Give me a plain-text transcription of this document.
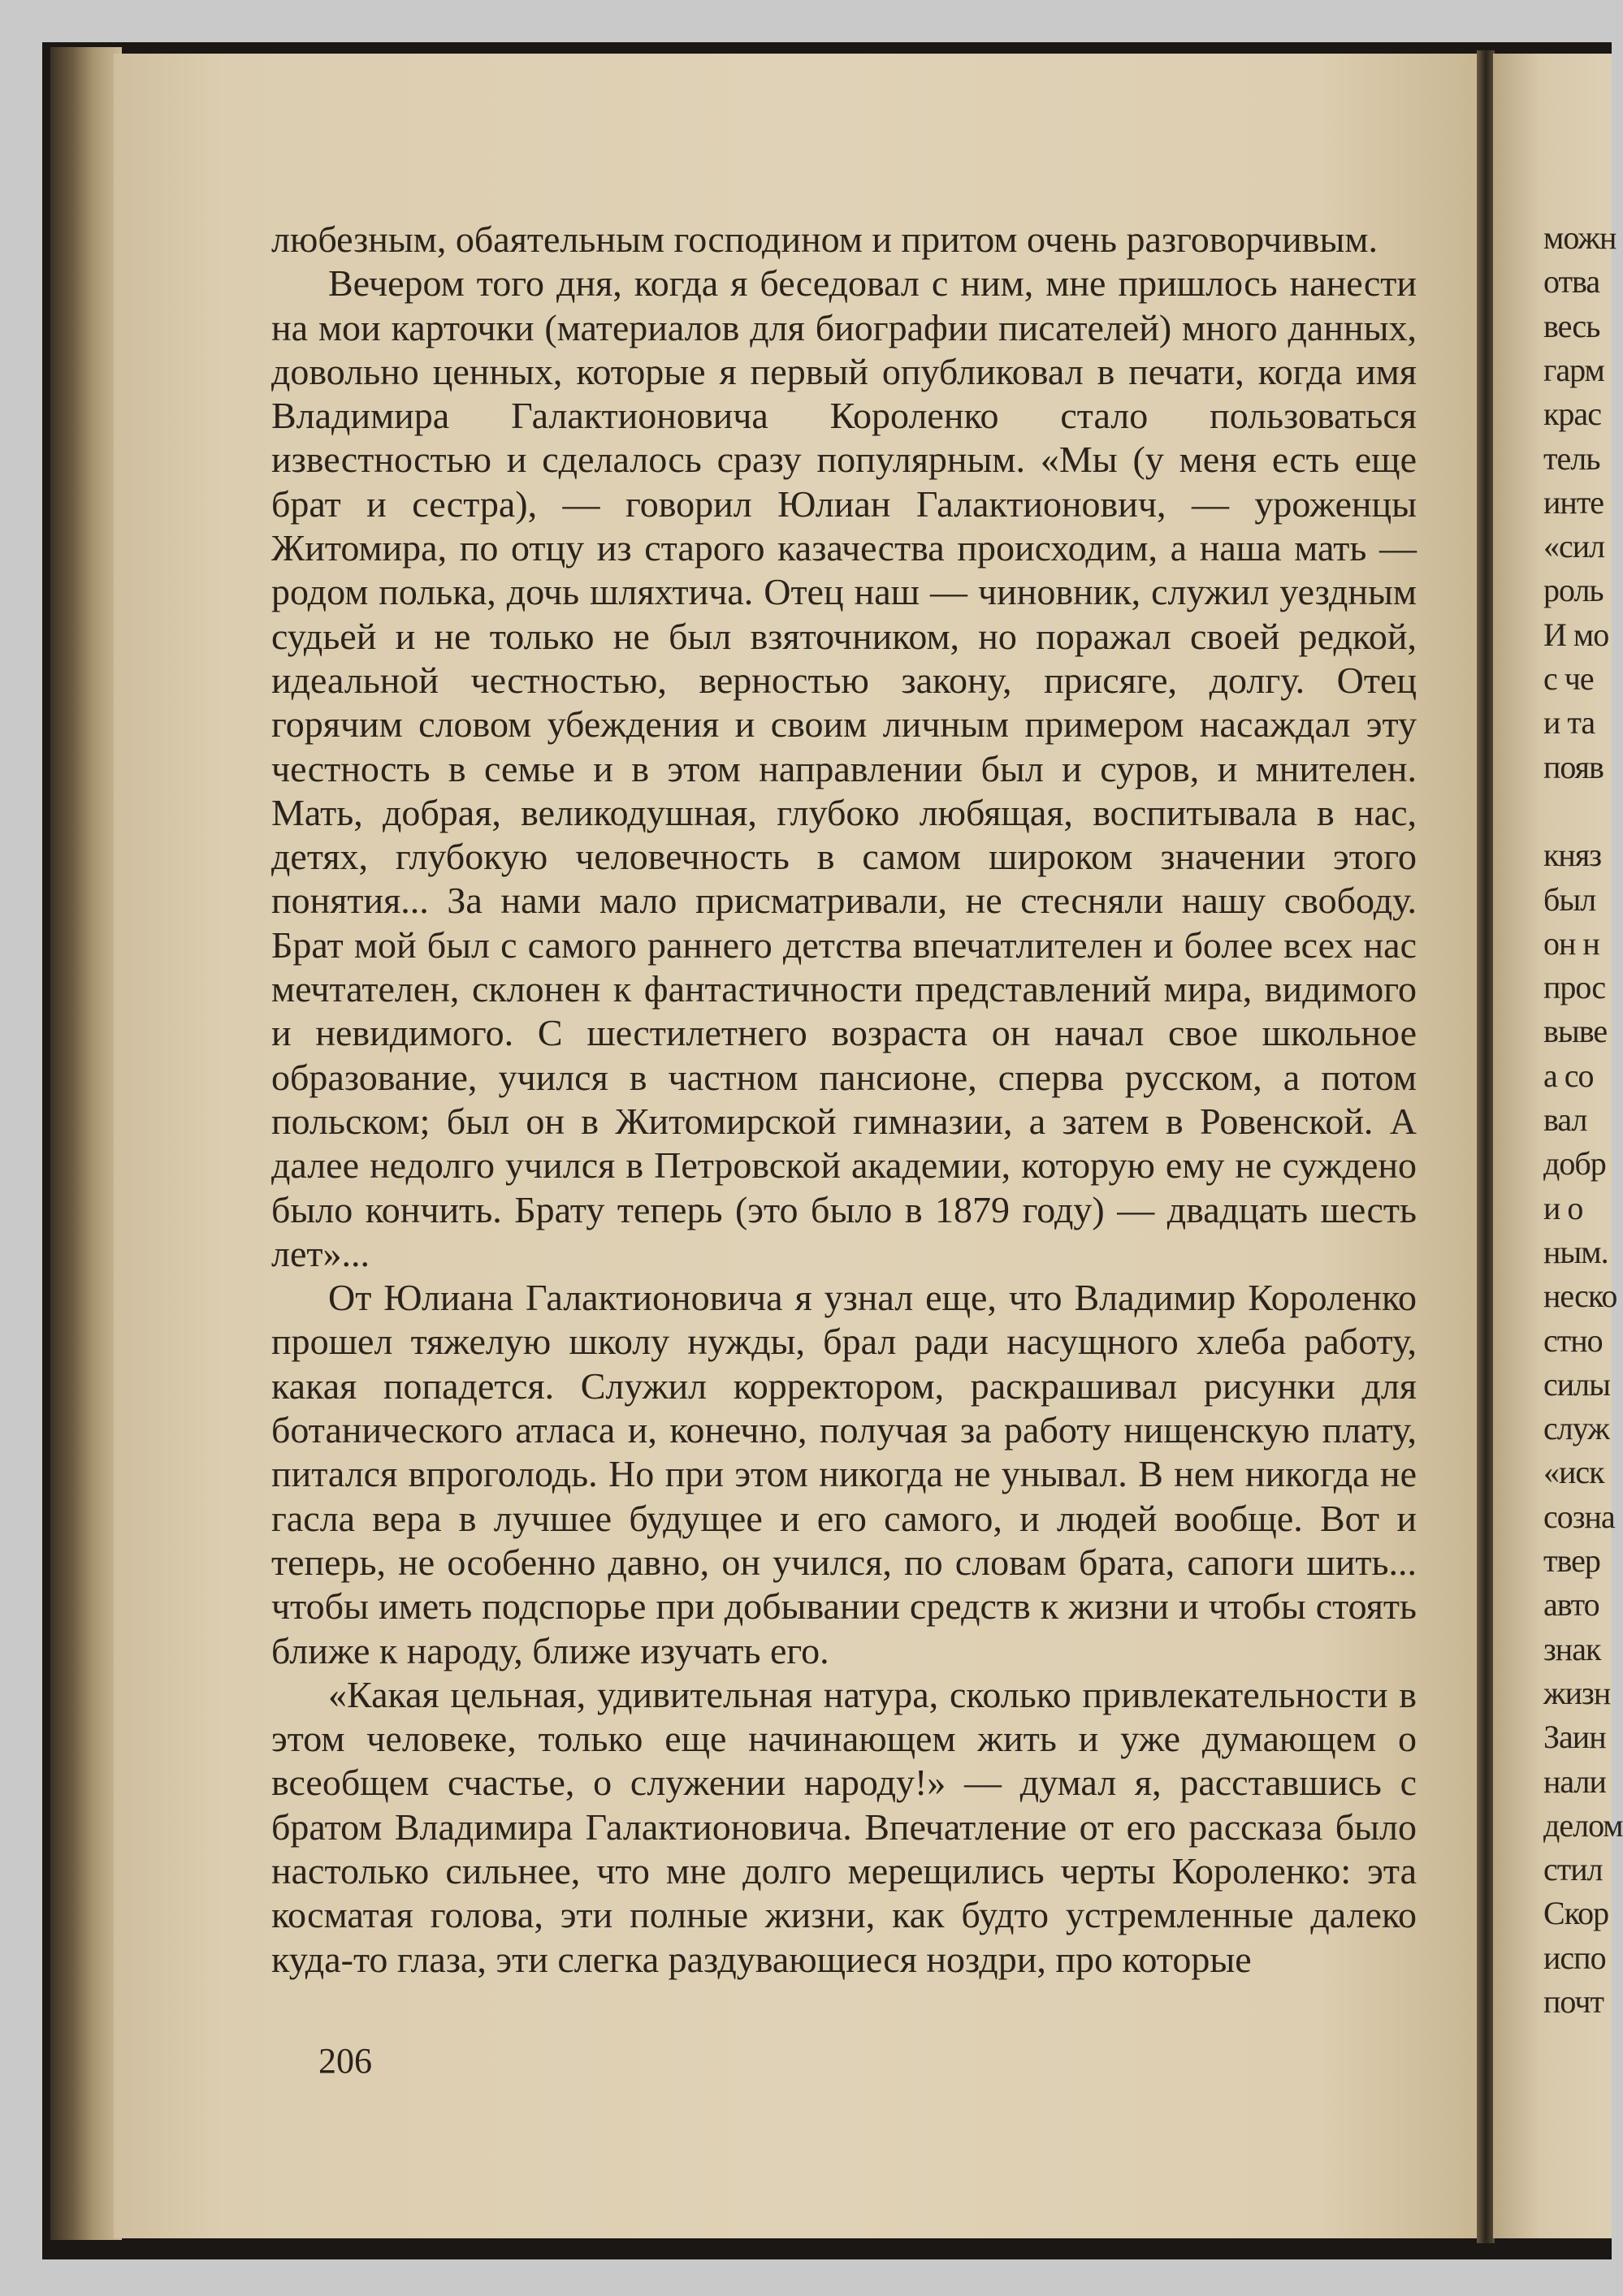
любезным, обаятельным господином и притом очень разговорчивым.

Вечером того дня, когда я беседовал с ним, мне пришлось нанести на мои карточки (материалов для биографии писателей) много данных, довольно ценных, которые я первый опубликовал в печати, когда имя Владимира Галактионовича Короленко стало пользоваться известностью и сделалось сразу популярным. «Мы (у меня есть еще брат и сестра), — говорил Юлиан Галактионович, — уроженцы Житомира, по отцу из старого казачества происходим, а наша мать — родом полька, дочь шляхтича. Отец наш — чиновник, служил уездным судьей и не только не был взяточником, но поражал своей редкой, идеальной честностью, верностью закону, присяге, долгу. Отец горячим словом убеждения и своим личным примером насаждал эту честность в семье и в этом направлении был и суров, и мнителен. Мать, добрая, великодушная, глубоко любящая, воспитывала в нас, детях, глубокую человечность в самом широком значении этого понятия... За нами мало присматривали, не стесняли нашу свободу. Брат мой был с самого раннего детства впечатлителен и более всех нас мечтателен, склонен к фантастичности представлений мира, видимого и невидимого. С шестилетнего возраста он начал свое школьное образование, учился в частном пансионе, сперва русском, а потом польском; был он в Житомирской гимназии, а затем в Ровенской. А далее недолго учился в Петровской академии, которую ему не суждено было кончить. Брату теперь (это было в 1879 году) — двадцать шесть лет»...

От Юлиана Галактионовича я узнал еще, что Владимир Короленко прошел тяжелую школу нужды, брал ради насущного хлеба работу, какая попадется. Служил корректором, раскрашивал рисунки для ботанического атласа и, конечно, получая за работу нищенскую плату, питался впроголодь. Но при этом никогда не унывал. В нем никогда не гасла вера в лучшее будущее и его самого, и людей вообще. Вот и теперь, не особенно давно, он учился, по словам брата, сапоги шить... чтобы иметь подспорье при добывании средств к жизни и чтобы стоять ближе к народу, ближе изучать его.

«Какая цельная, удивительная натура, сколько привлекательности в этом человеке, только еще начинающем жить и уже думающем о всеобщем счастье, о служении народу!» — думал я, расставшись с братом Владимира Галактионовича. Впечатление от его рассказа было настолько сильнее, что мне долго мерещились черты Короленко: эта косматая голова, эти полные жизни, как будто устремленные далеко куда-то глаза, эти слегка раздувающиеся ноздри, про которые

206
можн
отва
весь
гарм
крас
тель
инте
«сил
роль
И мо
с че
и та
появ
княз
был
он н
прос
выве
а со
вал
добр
и о
ным.
неско
стно
силы
служ
«иск
созна
твер
авто
знак
жизн
Заин
нали
делом
стил
Скор
испо
почт
